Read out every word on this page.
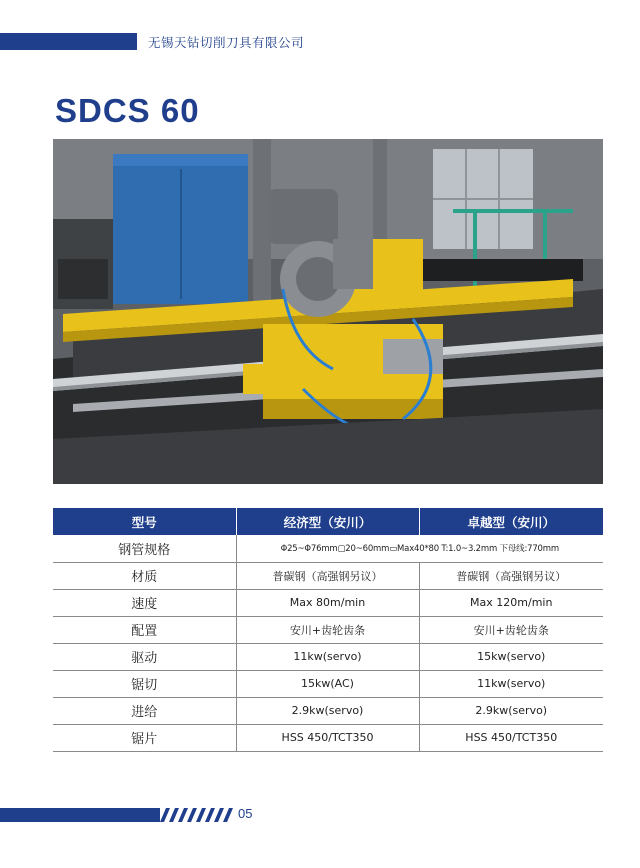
无锡天钻切削刀具有限公司
SDCS 60
型号	经济型（安川）	卓越型（安川）
钢管规格	Φ25~Φ76mm▢20~60mm▭Max40*80 T:1.0~3.2mm 下母线:770mm	
材质	普碳钢（高强钢另议）	普碳钢（高强钢另议）
速度	Max 80m/min	Max 120m/min
配置	安川+齿轮齿条	安川+齿轮齿条
驱动	11kw(servo)	15kw(servo)
锯切	15kw(AC)	11kw(servo)
进给	2.9kw(servo)	2.9kw(servo)
锯片	HSS 450/TCT350	HSS 450/TCT350
05
